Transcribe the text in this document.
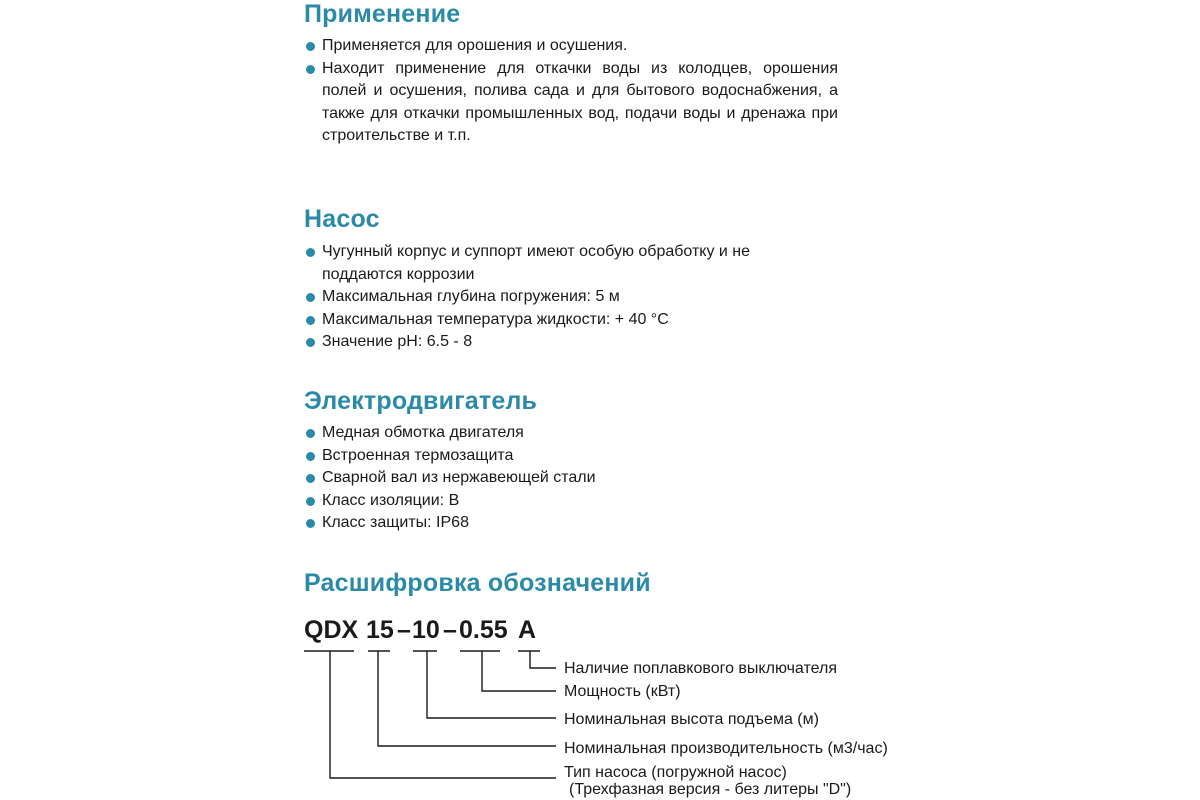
Применение
Применяется для орошения и осушения.
Находит применение для откачки воды из колодцев, орошения полей и осушения, полива сада и для бытового водоснабжения, а также для откачки промышленных вод, подачи воды и дренажа при строительстве и т.п.
Насос
Чугунный корпус и суппорт имеют особую обработку и не поддаются коррозии
Максимальная глубина погружения: 5 м
Максимальная температура жидкости: + 40 °С
Значение pH: 6.5 - 8
Электродвигатель
Медная обмотка двигателя
Встроенная термозащита
Сварной вал из нержавеющей стали
Класс изоляции: B
Класс защиты: IP68
Расшифровка обозначений
QDX 15 – 10 – 0.55 A
Наличие поплавкового выключателя
Мощность (кВт)
Номинальная высота подъема (м)
Номинальная производительность (м3/час)
Тип насоса (погружной насос)
(Трехфазная версия - без литеры "D")
